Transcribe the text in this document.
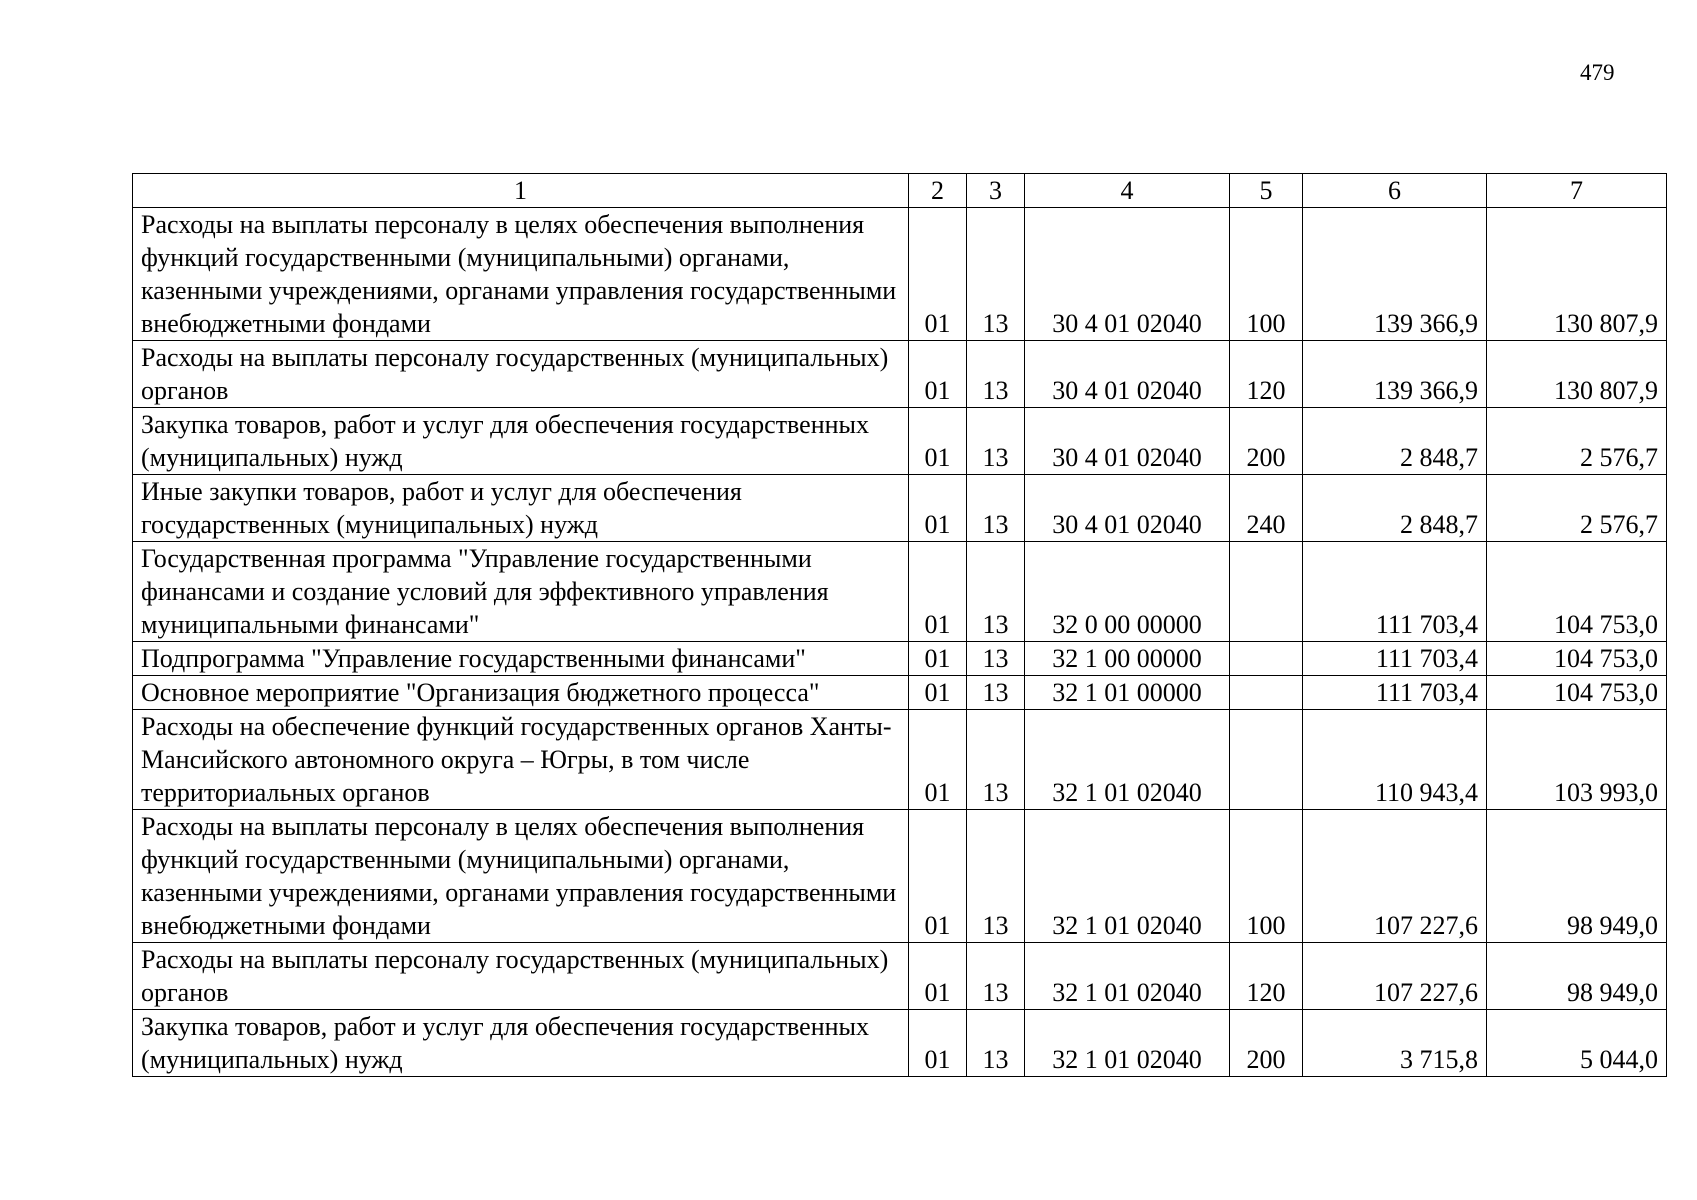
479
1	2	3	4	5	6	7
Расходы на выплаты персоналу в целях обеспечения выполнения функций государственными (муниципальными) органами, казенными учреждениями, органами управления государственными внебюджетными фондами	01	13	30 4 01 02040	100	139 366,9	130 807,9
Расходы на выплаты персоналу государственных (муниципальных) органов	01	13	30 4 01 02040	120	139 366,9	130 807,9
Закупка товаров, работ и услуг для обеспечения государственных (муниципальных) нужд	01	13	30 4 01 02040	200	2 848,7	2 576,7
Иные закупки товаров, работ и услуг для обеспечения государственных (муниципальных) нужд	01	13	30 4 01 02040	240	2 848,7	2 576,7
Государственная программа "Управление государственными финансами и создание условий для эффективного управления муниципальными финансами"	01	13	32 0 00 00000		111 703,4	104 753,0
Подпрограмма "Управление государственными финансами"	01	13	32 1 00 00000		111 703,4	104 753,0
Основное мероприятие "Организация бюджетного процесса"	01	13	32 1 01 00000		111 703,4	104 753,0
Расходы на обеспечение функций государственных органов Ханты-Мансийского автономного округа – Югры, в том числе территориальных органов	01	13	32 1 01 02040		110 943,4	103 993,0
Расходы на выплаты персоналу в целях обеспечения выполнения функций государственными (муниципальными) органами, казенными учреждениями, органами управления государственными внебюджетными фондами	01	13	32 1 01 02040	100	107 227,6	98 949,0
Расходы на выплаты персоналу государственных (муниципальных) органов	01	13	32 1 01 02040	120	107 227,6	98 949,0
Закупка товаров, работ и услуг для обеспечения государственных (муниципальных) нужд	01	13	32 1 01 02040	200	3 715,8	5 044,0
